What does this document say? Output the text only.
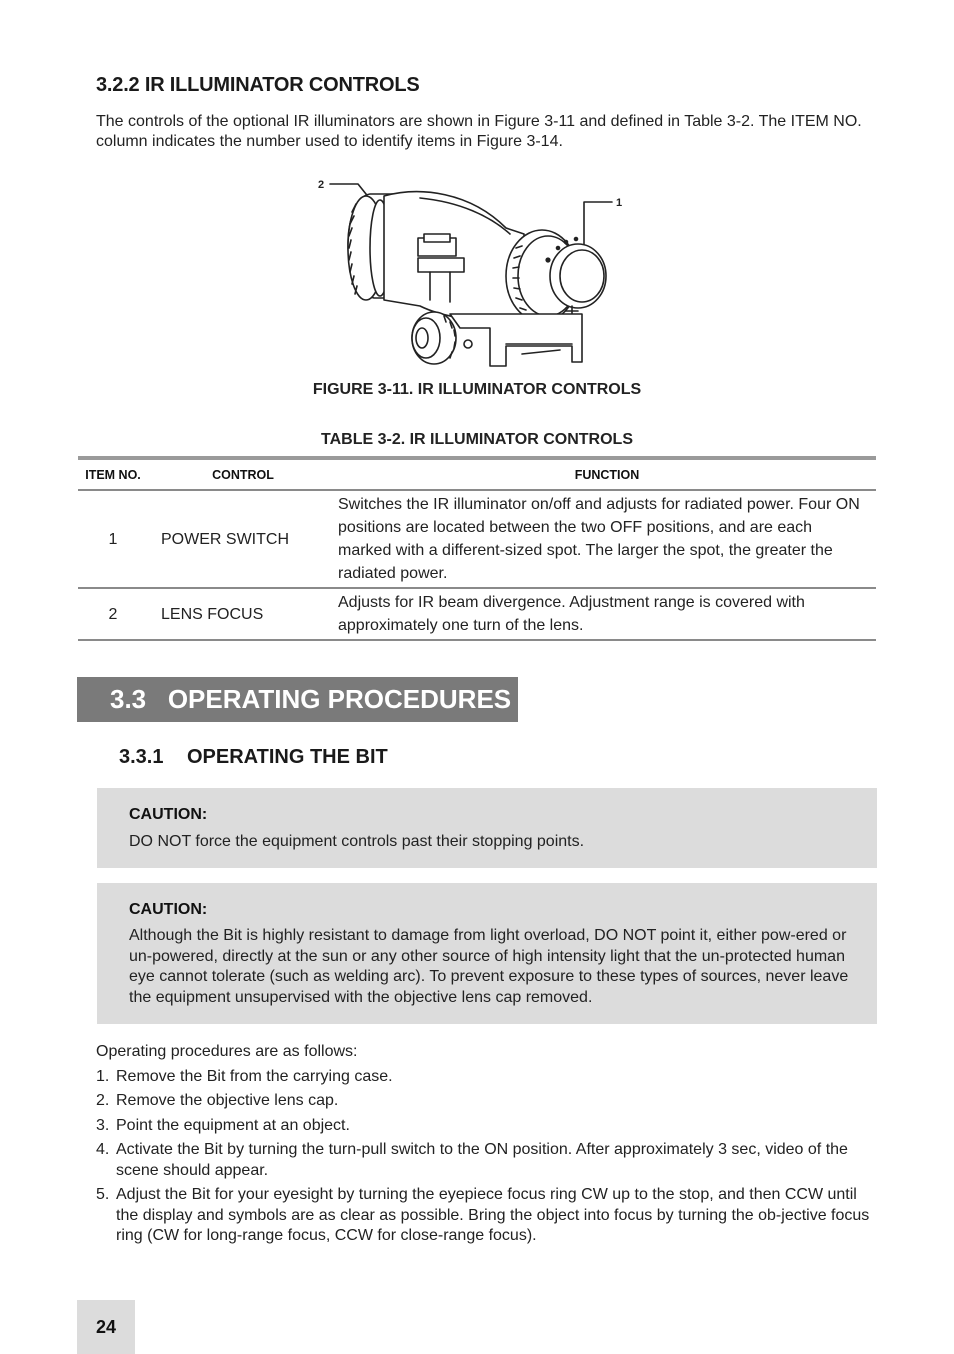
3.2.2 IR ILLUMINATOR CONTROLS

The controls of the optional IR illuminators are shown in Figure 3-11 and defined in Table 3-2. The ITEM NO. column indicates the number used to identify items in Figure 3-14.

2
1
FIGURE 3-11. IR ILLUMINATOR CONTROLS
TABLE 3-2. IR ILLUMINATOR CONTROLS
ITEM NO.	CONTROL	FUNCTION
1	POWER SWITCH	Switches the IR illuminator on/off and adjusts for radiated power. Four ON positions are located between the two OFF positions, and are each marked with a different-sized spot. The larger the spot, the greater the radiated power.
2	LENS FOCUS	Adjusts for IR beam divergence. Adjustment range is covered with approximately one turn of the lens.
3.3   OPERATING PROCEDURES
3.3.1 OPERATING THE BIT
CAUTION:
DO NOT force the equipment controls past their stopping points.
CAUTION:
Although the Bit is highly resistant to damage from light overload, DO NOT point it, either pow-ered or un-powered, directly at the sun or any other source of high intensity light that the un-protected human eye cannot tolerate (such as welding arc). To prevent exposure to these types of sources, never leave the equipment unsupervised with the objective lens cap removed.

Operating procedures are as follows:

1. Remove the Bit from the carrying case.
2. Remove the objective lens cap.
3. Point the equipment at an object.
4. Activate the Bit by turning the turn-pull switch to the ON position. After approximately 3 sec, video of the scene should appear.
5. Adjust the Bit for your eyesight by turning the eyepiece focus ring CW up to the stop, and then CCW until the display and symbols are as clear as possible. Bring the object into focus by turning the ob-jective focus ring (CW for long-range focus, CCW for close-range focus).
24
